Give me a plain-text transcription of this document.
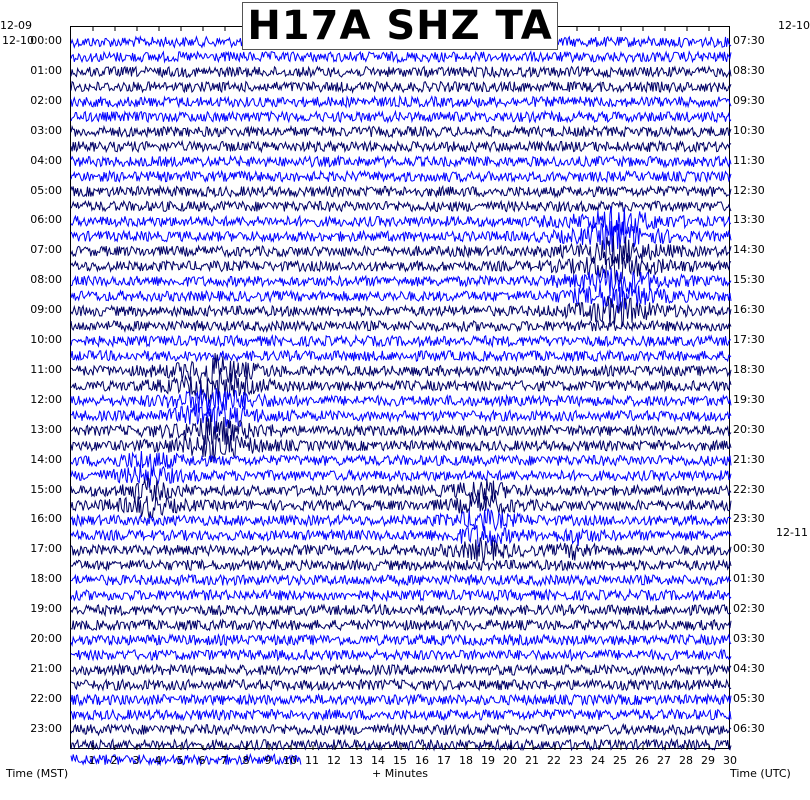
H17A SHZ TA
12-09
12-10
12-10
12-11
00:00
01:00
02:00
03:00
04:00
05:00
06:00
07:00
08:00
09:00
10:00
11:00
12:00
13:00
14:00
15:00
16:00
17:00
18:00
19:00
20:00
21:00
22:00
23:00
07:30
08:30
09:30
10:30
11:30
12:30
13:30
14:30
15:30
16:30
17:30
18:30
19:30
20:30
21:30
22:30
23:30
00:30
01:30
02:30
03:30
04:30
05:30
06:30
1	2	3	4	5	6	7	8	9	10 11 12 13 14 15 16 17 18 19 20 21 22 23 24 25 26 27 28 29 30
Time (MST)	+ Minutes	Time (UTC)
